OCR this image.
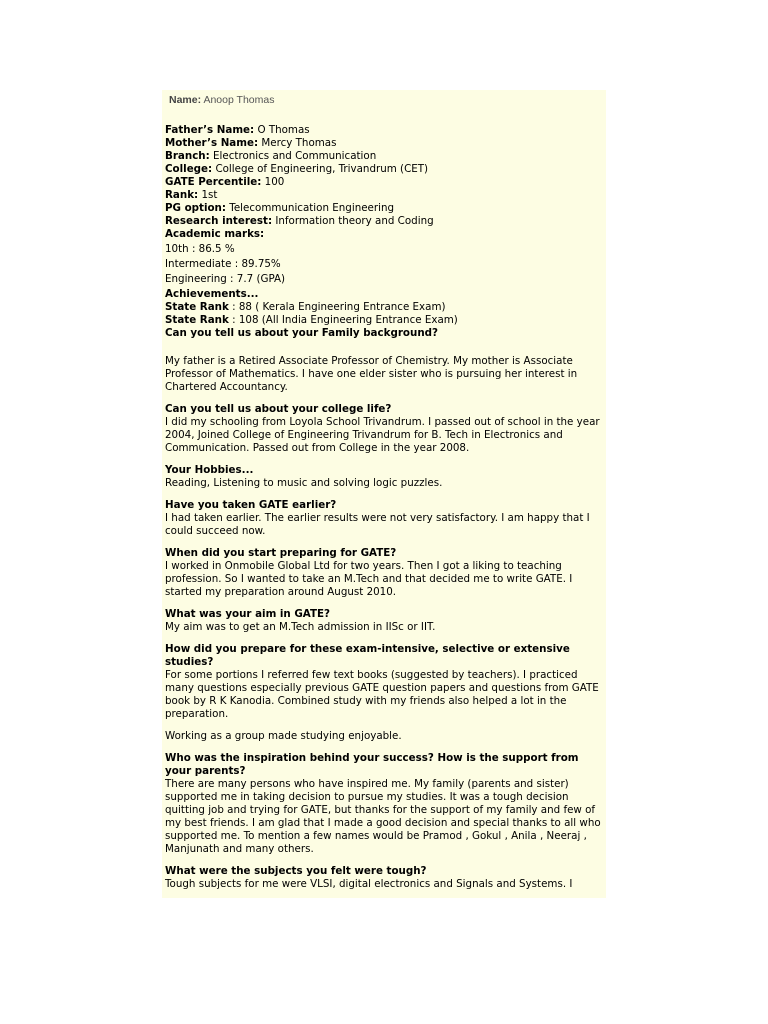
Name: Anoop Thomas
Father’s Name: O Thomas
Mother’s Name: Mercy Thomas
Branch: Electronics and Communication
College: College of Engineering, Trivandrum (CET)
GATE Percentile: 100
Rank: 1st
PG option: Telecommunication Engineering
Research interest: Information theory and Coding
Academic marks:
10th : 86.5 %
Intermediate : 89.75%
Engineering : 7.7 (GPA)
Achievements...
State Rank : 88 ( Kerala Engineering Entrance Exam)
State Rank : 108 (All India Engineering Entrance Exam)
Can you tell us about your Family background?
My father is a Retired Associate Professor of Chemistry. My mother is Associate Professor of Mathematics. I have one elder sister who is pursuing her interest in Chartered Accountancy.
Can you tell us about your college life?
I did my schooling from Loyola School Trivandrum. I passed out of school in the year 2004, Joined College of Engineering Trivandrum for B. Tech in Electronics and Communication. Passed out from College in the year 2008.
Your Hobbies...
Reading, Listening to music and solving logic puzzles.
Have you taken GATE earlier?
I had taken earlier. The earlier results were not very satisfactory. I am happy that I could succeed now.
When did you start preparing for GATE?
I worked in Onmobile Global Ltd for two years. Then I got a liking to teaching profession. So I wanted to take an M.Tech and that decided me to write GATE. I started my preparation around August 2010.
What was your aim in GATE?
My aim was to get an M.Tech admission in IISc or IIT.
How did you prepare for these exam-intensive, selective or extensive studies?
For some portions I referred few text books (suggested by teachers). I practiced many questions especially previous GATE question papers and questions from GATE book by R K Kanodia. Combined study with my friends also helped a lot in the preparation.
Working as a group made studying enjoyable.
Who was the inspiration behind your success? How is the support from your parents?
There are many persons who have inspired me. My family (parents and sister) supported me in taking decision to pursue my studies. It was a tough decision quitting job and trying for GATE, but thanks for the support of my family and few of my best friends. I am glad that I made a good decision and special thanks to all who supported me. To mention a few names would be Pramod , Gokul , Anila , Neeraj , Manjunath and many others.
What were the subjects you felt were tough?
Tough subjects for me were VLSI, digital electronics and Signals and Systems. I
